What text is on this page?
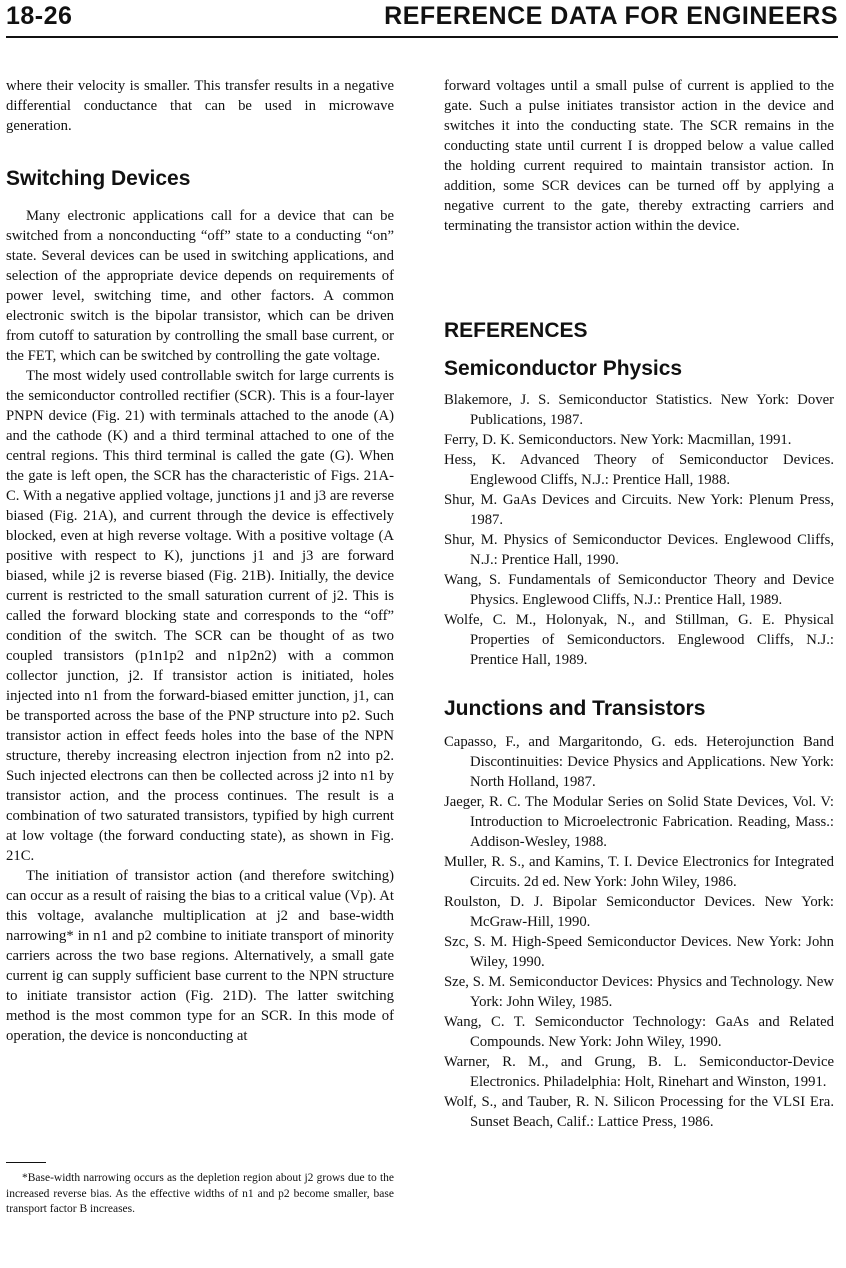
18-26	REFERENCE DATA FOR ENGINEERS

where their velocity is smaller. This transfer results in a negative differential conductance that can be used in microwave generation.

Switching Devices

Many electronic applications call for a device that can be switched from a nonconducting “off” state to a conducting “on” state. Several devices can be used in switching applications, and selection of the appropriate device depends on requirements of power level, switching time, and other factors. A common electronic switch is the bipolar transistor, which can be driven from cutoff to saturation by controlling the small base current, or the FET, which can be switched by controlling the gate voltage.

The most widely used controllable switch for large currents is the semiconductor controlled rectifier (SCR). This is a four-layer PNPN device (Fig. 21) with terminals attached to the anode (A) and the cathode (K) and a third terminal attached to one of the central regions. This third terminal is called the gate (G). When the gate is left open, the SCR has the characteristic of Figs. 21A-C. With a negative applied voltage, junctions j1 and j3 are reverse biased (Fig. 21A), and current through the device is effectively blocked, even at high reverse voltage. With a positive voltage (A positive with respect to K), junctions j1 and j3 are forward biased, while j2 is reverse biased (Fig. 21B). Initially, the device current is restricted to the small saturation current of j2. This is called the forward blocking state and corresponds to the “off” condition of the switch. The SCR can be thought of as two coupled transistors (p1n1p2 and n1p2n2) with a common collector junction, j2. If transistor action is initiated, holes injected into n1 from the forward-biased emitter junction, j1, can be transported across the base of the PNP structure into p2. Such transistor action in effect feeds holes into the base of the NPN structure, thereby increasing electron injection from n2 into p2. Such injected electrons can then be collected across j2 into n1 by transistor action, and the process continues. The result is a combination of two saturated transistors, typified by high current at low voltage (the forward conducting state), as shown in Fig. 21C.

The initiation of transistor action (and therefore switching) can occur as a result of raising the bias to a critical value (Vp). At this voltage, avalanche multiplication at j2 and base-width narrowing* in n1 and p2 combine to initiate transport of minority carriers across the two base regions. Alternatively, a small gate current ig can supply sufficient base current to the NPN structure to initiate transistor action (Fig. 21D). The latter switching method is the most common type for an SCR. In this mode of operation, the device is nonconducting at

*Base-width narrowing occurs as the depletion region about j2 grows due to the increased reverse bias. As the effective widths of n1 and p2 become smaller, base transport factor B increases.

forward voltages until a small pulse of current is applied to the gate. Such a pulse initiates transistor action in the device and switches it into the conducting state. The SCR remains in the conducting state until current I is dropped below a value called the holding current required to maintain transistor action. In addition, some SCR devices can be turned off by applying a negative current to the gate, thereby extracting carriers and terminating the transistor action within the device.

REFERENCES
Semiconductor Physics

Blakemore, J. S. Semiconductor Statistics. New York: Dover Publications, 1987.

Ferry, D. K. Semiconductors. New York: Macmillan, 1991.

Hess, K. Advanced Theory of Semiconductor Devices. Englewood Cliffs, N.J.: Prentice Hall, 1988.

Shur, M. GaAs Devices and Circuits. New York: Plenum Press, 1987.

Shur, M. Physics of Semiconductor Devices. Englewood Cliffs, N.J.: Prentice Hall, 1990.

Wang, S. Fundamentals of Semiconductor Theory and Device Physics. Englewood Cliffs, N.J.: Prentice Hall, 1989.

Wolfe, C. M., Holonyak, N., and Stillman, G. E. Physical Properties of Semiconductors. Englewood Cliffs, N.J.: Prentice Hall, 1989.

Junctions and Transistors

Capasso, F., and Margaritondo, G. eds. Heterojunction Band Discontinuities: Device Physics and Applications. New York: North Holland, 1987.

Jaeger, R. C. The Modular Series on Solid State Devices, Vol. V: Introduction to Microelectronic Fabrication. Reading, Mass.: Addison-Wesley, 1988.

Muller, R. S., and Kamins, T. I. Device Electronics for Integrated Circuits. 2d ed. New York: John Wiley, 1986.

Roulston, D. J. Bipolar Semiconductor Devices. New York: McGraw-Hill, 1990.

Szc, S. M. High-Speed Semiconductor Devices. New York: John Wiley, 1990.

Sze, S. M. Semiconductor Devices: Physics and Technology. New York: John Wiley, 1985.

Wang, C. T. Semiconductor Technology: GaAs and Related Compounds. New York: John Wiley, 1990.

Warner, R. M., and Grung, B. L. Semiconductor-Device Electronics. Philadelphia: Holt, Rinehart and Winston, 1991.

Wolf, S., and Tauber, R. N. Silicon Processing for the VLSI Era. Sunset Beach, Calif.: Lattice Press, 1986.
